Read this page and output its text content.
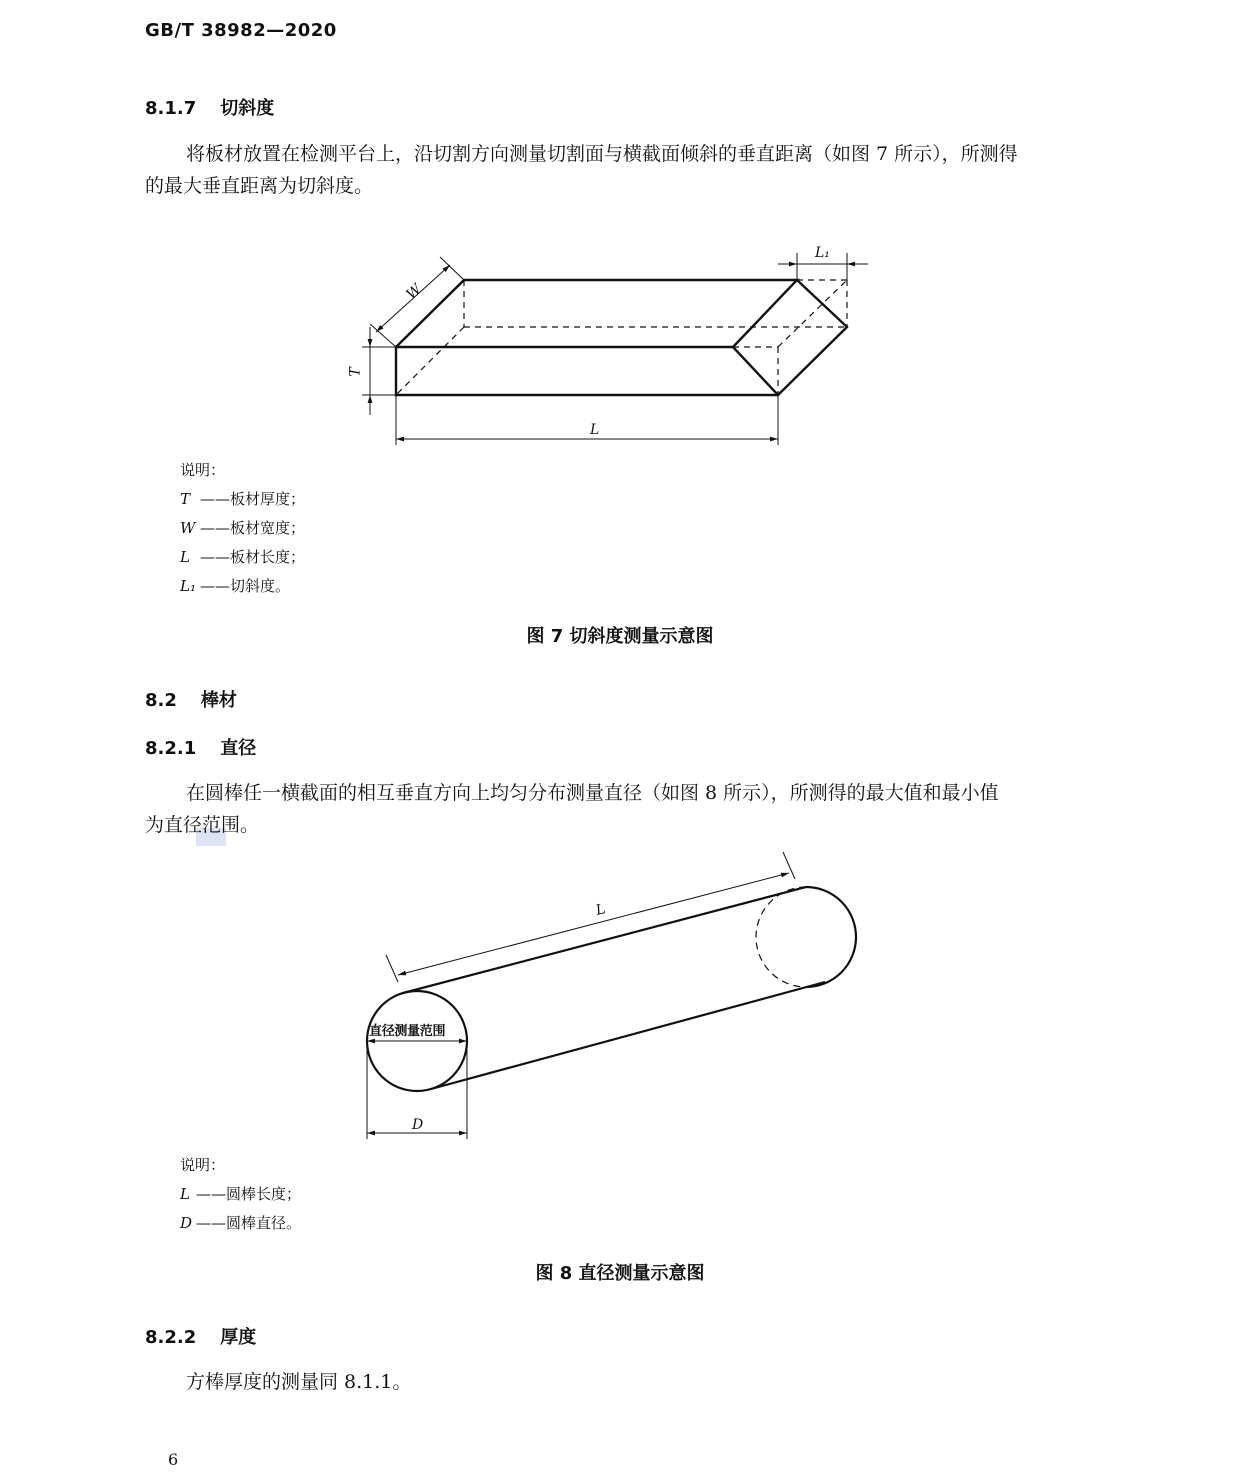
GB/T 38982—2020
8.1.7 切斜度
将板材放置在检测平台上，沿切割方向测量切割面与横截面倾斜的垂直距离（如图 7 所示），所测得
的最大垂直距离为切斜度。
W
T
L
L₁
说明：
T ——板材厚度；
W ——板材宽度；
L ——板材长度；
L₁ ——切斜度。
图 7 切斜度测量示意图
8.2 棒材
8.2.1 直径
在圆棒任一横截面的相互垂直方向上均匀分布测量直径（如图 8 所示），所测得的最大值和最小值
为直径范围。
L
直径测量范围
D
说明：
L ——圆棒长度；
D ——圆棒直径。
图 8 直径测量示意图
8.2.2 厚度
方棒厚度的测量同 8.1.1。
6
